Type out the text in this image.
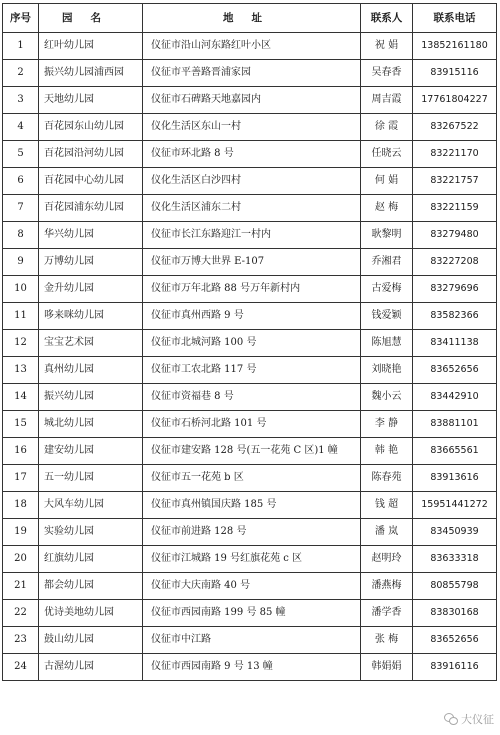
序号	园名	地址	联系人	联系电话
1	红叶幼儿园	仪征市沿山河东路红叶小区	祝 娟	13852161180
2	振兴幼儿园浦西园	仪征市平善路晋浦家园	吴春香	83915116
3	天地幼儿园	仪征市石碑路天地嘉园内	周吉霞	17761804227
4	百花园东山幼儿园	仪化生活区东山一村	徐 霞	83267522
5	百花园沿河幼儿园	仪征市环北路 8 号	任晓云	83221170
6	百花园中心幼儿园	仪化生活区白沙四村	何 娟	83221757
7	百花园浦东幼儿园	仪化生活区浦东二村	赵 梅	83221159
8	华兴幼儿园	仪征市长江东路迎江一村内	耿黎明	83279480
9	万博幼儿园	仪征市万博大世界 E-107	乔湘君	83227208
10	金升幼儿园	仪征市万年北路 88 号万年新村内	古爱梅	83279696
11	哆来咪幼儿园	仪征市真州西路 9 号	钱爱颖	83582366
12	宝宝艺术园	仪征市北城河路 100 号	陈旭慧	83411138
13	真州幼儿园	仪征市工农北路 117 号	刘晓艳	83652656
14	振兴幼儿园	仪征市资福巷 8 号	魏小云	83442910
15	城北幼儿园	仪征市石桥河北路 101 号	李 静	83881101
16	建安幼儿园	仪征市建安路 128 号(五一花苑 C 区)1 幢	韩 艳	83665561
17	五一幼儿园	仪征市五一花苑 b 区	陈春苑	83913616
18	大风车幼儿园	仪征市真州镇国庆路 185 号	钱 超	15951441272
19	实验幼儿园	仪征市前进路 128 号	潘 岚	83450939
20	红旗幼儿园	仪征市江城路 19 号红旗花苑 c 区	赵明玲	83633318
21	都会幼儿园	仪征市大庆南路 40 号	潘燕梅	80855798
22	优诗美地幼儿园	仪征市西园南路 199 号 85 幢	潘学香	83830168
23	鼓山幼儿园	仪征市中江路	张 梅	83652656
24	古渥幼儿园	仪征市西园南路 9 号 13 幢	韩娟娟	83916116
大仪征
